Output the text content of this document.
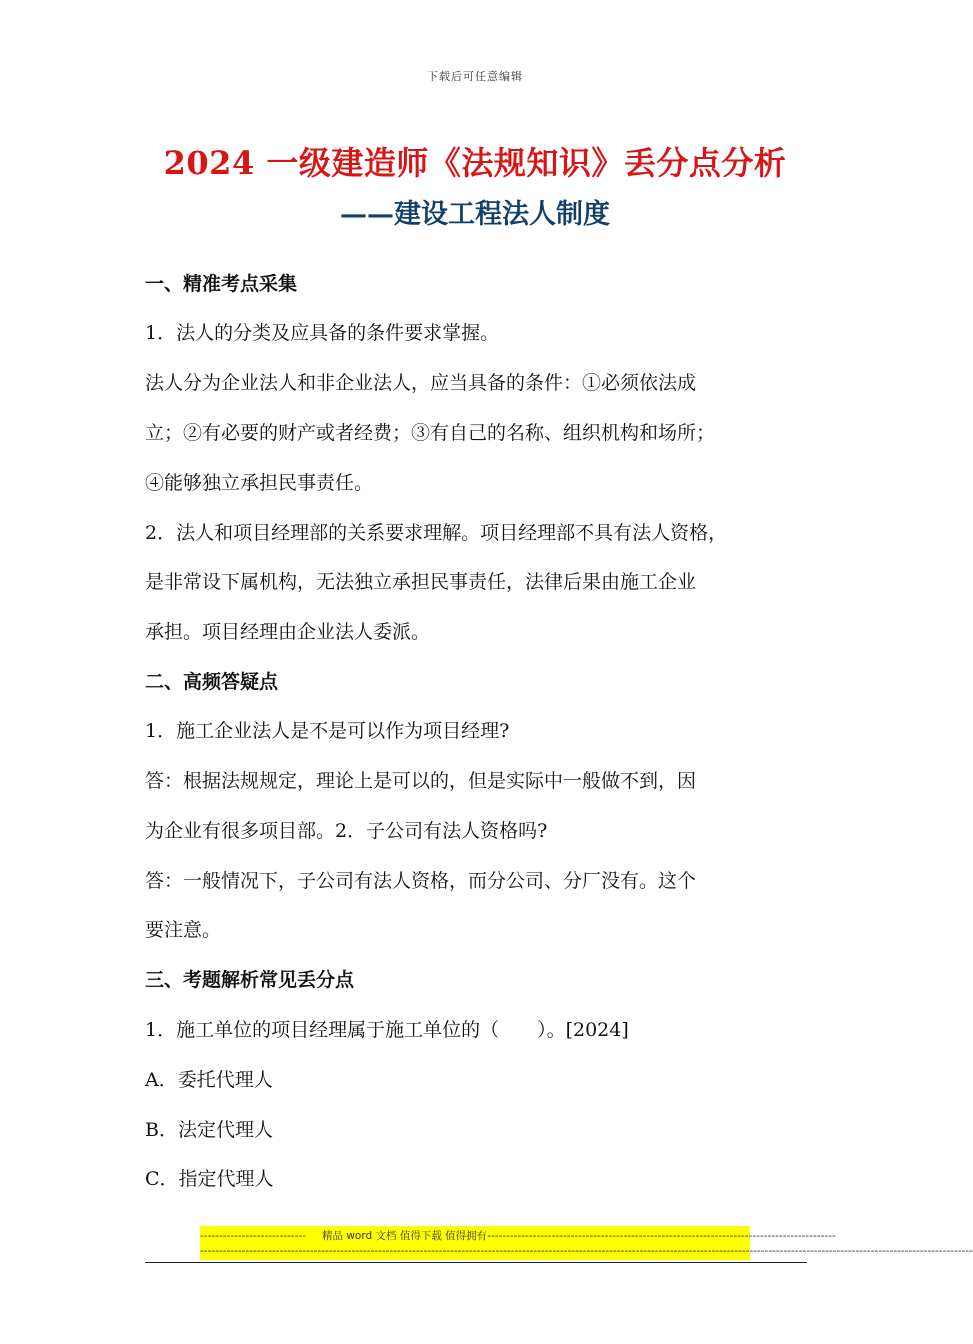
下载后可任意编辑
2024 一级建造师《法规知识》丢分点分析
——建设工程法人制度
一、精准考点采集
1．法人的分类及应具备的条件要求掌握。
法人分为企业法人和非企业法人，应当具备的条件：①必须依法成
立；②有必要的财产或者经费；③有自己的名称、组织机构和场所；
④能够独立承担民事责任。
2．法人和项目经理部的关系要求理解。项目经理部不具有法人资格，
是非常设下属机构，无法独立承担民事责任，法律后果由施工企业
承担。项目经理由企业法人委派。
二、高频答疑点
1．施工企业法人是不是可以作为项目经理?
答：根据法规规定，理论上是可以的，但是实际中一般做不到，因
为企业有很多项目部。2．子公司有法人资格吗?
答：一般情况下，子公司有法人资格，而分公司、分厂没有。这个
要注意。
三、考题解析常见丢分点
1．施工单位的项目经理属于施工单位的（　　）。[2024]
A．委托代理人
B．法定代理人
C．指定代理人
----------------------------	精品 word 文档 值得下载 值得拥有 --------------------------------------------------------------------------------------------
------------------------------------------------------------------------------------------------------------------------------------------------------------------------------------------------------------
